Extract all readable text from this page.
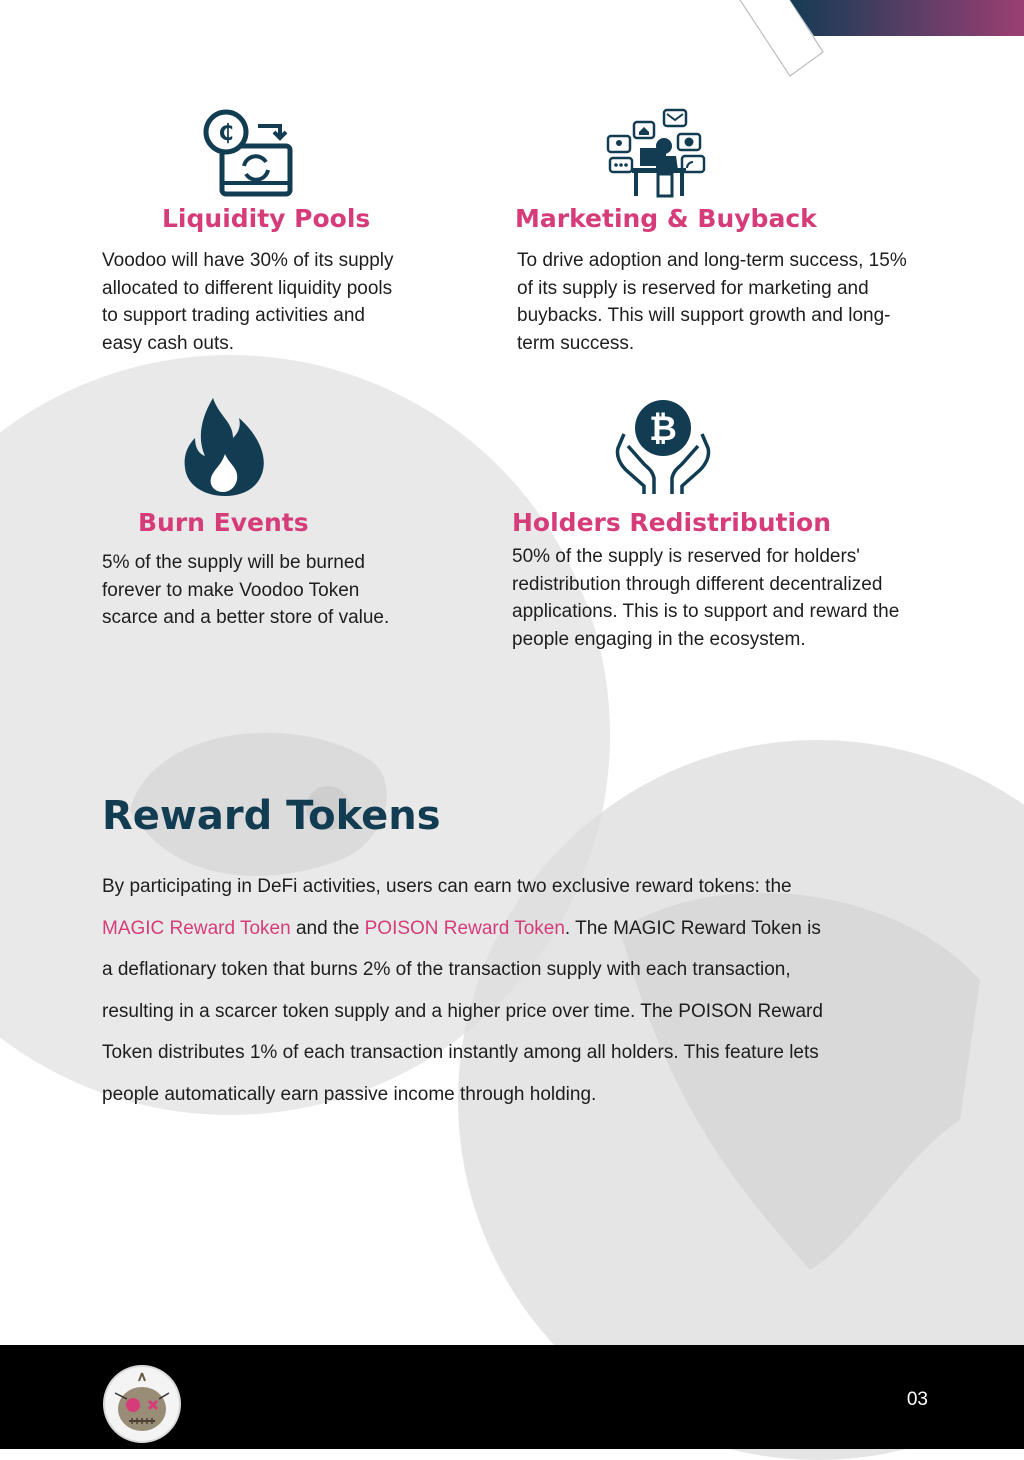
₵
Liquidity Pools
Voodoo will have 30% of its supply allocated to different liquidity pools to support trading activities and easy cash outs.
Marketing & Buyback
To drive adoption and long-term success, 15% of its supply is reserved for marketing and buybacks. This will support growth and long-term success.
Burn Events
5% of the supply will be burned forever to make Voodoo Token scarce and a better store of value.
₿
Holders Redistribution
50% of the supply is reserved for holders' redistribution through different decentralized applications. This is to support and reward the people engaging in the ecosystem.
Reward Tokens
By participating in DeFi activities, users can earn two exclusive reward tokens: the MAGIC Reward Token and the POISON Reward Token. The MAGIC Reward Token is a deflationary token that burns 2% of the transaction supply with each transaction, resulting in a scarcer token supply and a higher price over time. The POISON Reward Token distributes 1% of each transaction instantly among all holders. This feature lets people automatically earn passive income through holding.
03
